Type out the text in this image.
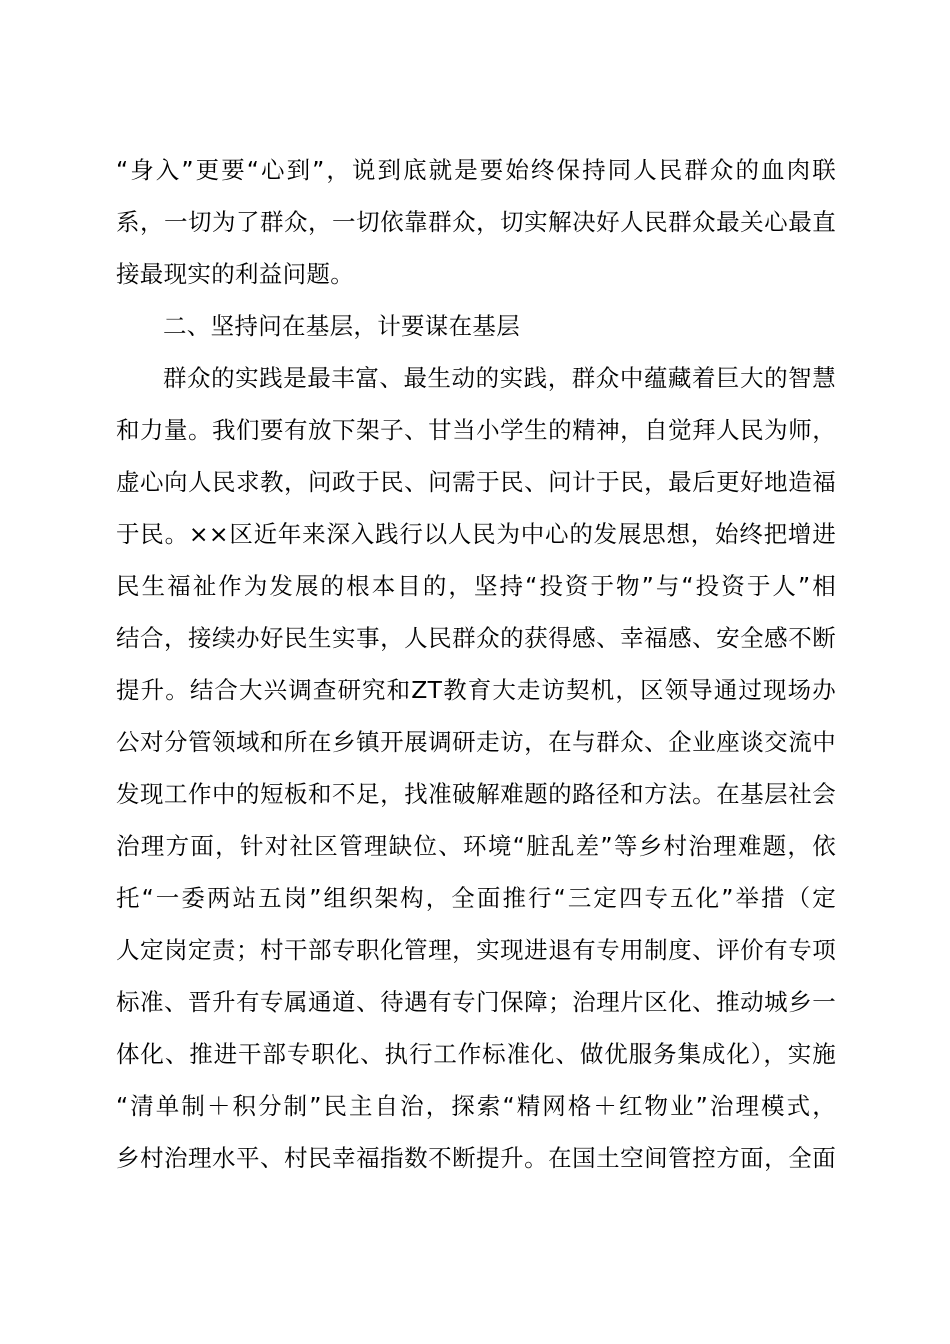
“身入”更要“心到”，说到底就是要始终保持同人民群众的血肉联
系，一切为了群众，一切依靠群众，切实解决好人民群众最关心最直
接最现实的利益问题。
二、坚持问在基层，计要谋在基层
群众的实践是最丰富、最生动的实践，群众中蕴藏着巨大的智慧
和力量。我们要有放下架子、甘当小学生的精神，自觉拜人民为师，
虚心向人民求教，问政于民、问需于民、问计于民，最后更好地造福
于民。××区近年来深入践行以人民为中心的发展思想，始终把增进
民生福祉作为发展的根本目的，坚持“投资于物”与“投资于人”相
结合，接续办好民生实事，人民群众的获得感、幸福感、安全感不断
提升。结合大兴调查研究和ZT教育大走访契机，区领导通过现场办
公对分管领域和所在乡镇开展调研走访，在与群众、企业座谈交流中
发现工作中的短板和不足，找准破解难题的路径和方法。在基层社会
治理方面，针对社区管理缺位、环境“脏乱差”等乡村治理难题，依
托“一委两站五岗”组织架构，全面推行“三定四专五化”举措（定
人定岗定责；村干部专职化管理，实现进退有专用制度、评价有专项
标准、晋升有专属通道、待遇有专门保障；治理片区化、推动城乡一
体化、推进干部专职化、执行工作标准化、做优服务集成化），实施
“清单制＋积分制”民主自治，探索“精网格＋红物业”治理模式，
乡村治理水平、村民幸福指数不断提升。在国土空间管控方面，全面
